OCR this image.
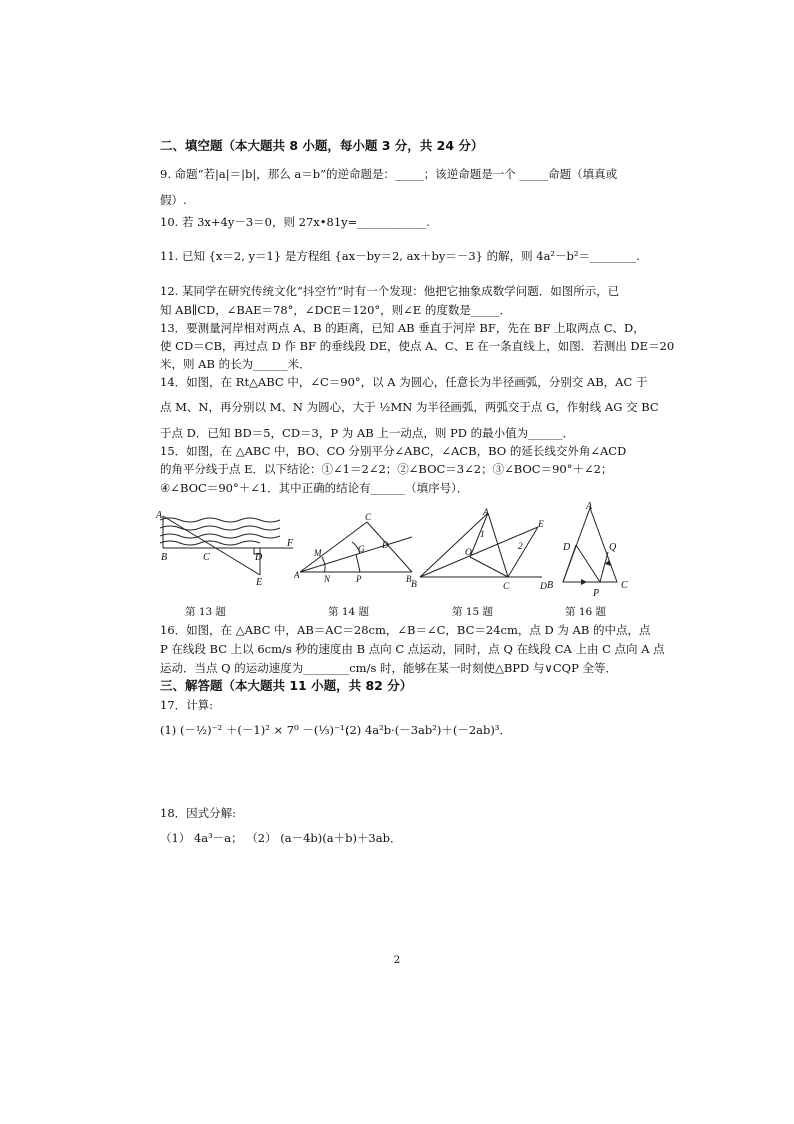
二、填空题（本大题共 8 小题，每小题 3 分，共 24 分）
9. 命题“若|a|＝|b|，那么 a＝b”的逆命题是：_____；该逆命题是一个 _____命题（填真或
假）.
10. 若 3x+4y－3＝0，则 27x•81y=____________.
11. 已知 {x＝2, y＝1} 是方程组 {ax－by＝2, ax＋by＝－3} 的解，则 4a²－b²＝________.
12. 某同学在研究传统文化“抖空竹”时有一个发现：他把它抽象成数学问题．如图所示，已
知 AB∥CD，∠BAE＝78°，∠DCE＝120°，则∠E 的度数是_____．
13．要测量河岸相对两点 A、B 的距离，已知 AB 垂直于河岸 BF，先在 BF 上取两点 C、D，
使 CD＝CB，再过点 D 作 BF 的垂线段 DE，使点 A、C、E 在一条直线上，如图．若测出 DE＝20
米，则 AB 的长为______米．
14．如图，在 Rt△ABC 中，∠C＝90°，以 A 为圆心，任意长为半径画弧，分别交 AB，AC 于
点 M、N，再分别以 M、N 为圆心，大于 ½MN 为半径画弧，两弧交于点 G，作射线 AG 交 BC
于点 D．已知 BD＝5，CD＝3，P 为 AB 上一动点，则 PD 的最小值为______．
15．如图，在 △ABC 中，BO、CO 分别平分∠ABC，∠ACB，BO 的延长线交外角∠ACD
的角平分线于点 E．以下结论：①∠1＝2∠2；②∠BOC＝3∠2；③∠BOC＝90°＋∠2；
④∠BOC＝90°＋∠1．其中正确的结论有______（填序号）．
A
B	C	D
F
E
C
M	G D
A	N	P	B
A
1
E
2
O
B	C	D
A
D	Q
B
P
C
第 13 题	第 14 题	第 15 题	第 16 题
16．如图，在 △ABC 中，AB＝AC＝28cm，∠B＝∠C，BC＝24cm，点 D 为 AB 的中点，点
P 在线段 BC 上以 6cm/s 秒的速度由 B 点向 C 点运动，同时，点 Q 在线段 CA 上由 C 点向 A 点
运动．当点 Q 的运动速度为________cm/s 时，能够在某一时刻使△BPD 与∨CQP 全等．
三、解答题（本大题共 11 小题，共 82 分）
17．计算:
(1) (－½)⁻² ＋(－1)² × 7⁰ －(⅓)⁻¹；
(2) 4a²b·(－3ab²)＋(－2ab)³．
18．因式分解:
（1） 4a³－a； （2） (a－4b)(a＋b)＋3ab．
2
